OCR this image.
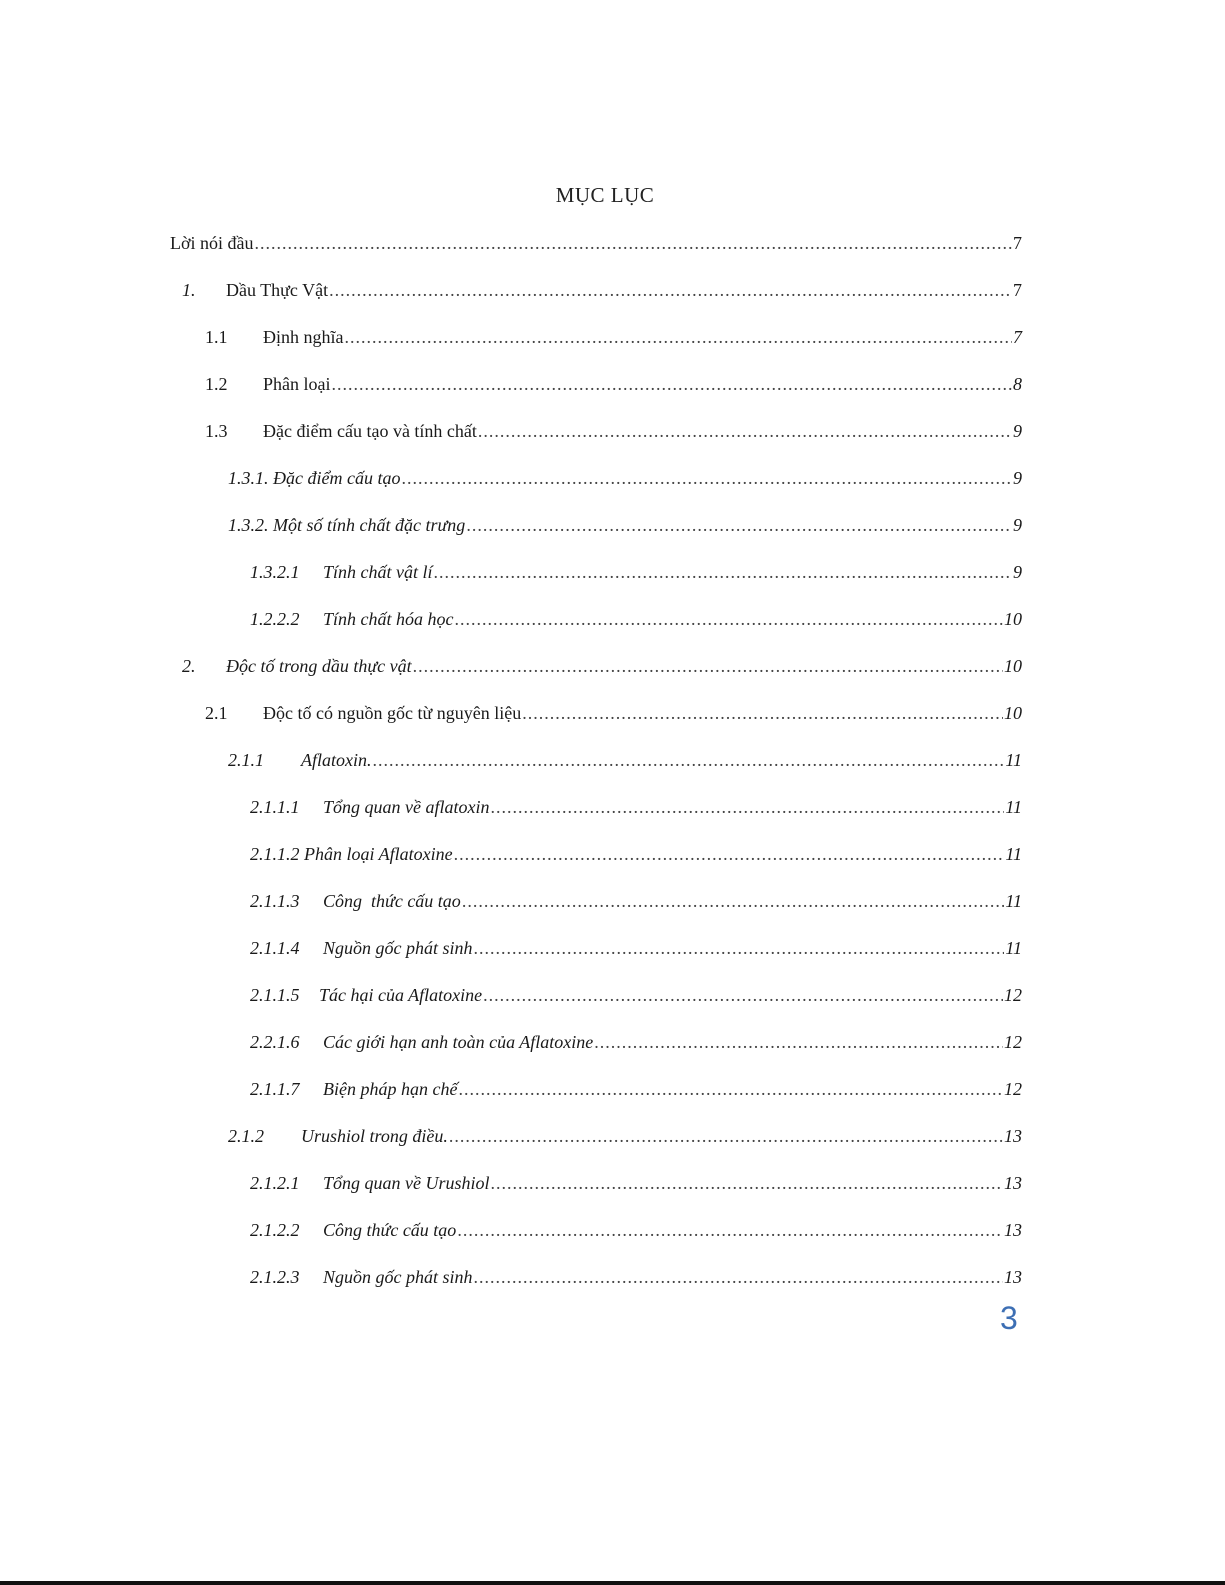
MỤC LỤC
Lời nói đầu .....	7
1.	Dầu Thực Vật .....	7
1.1	Định nghĩa .....	7
1.2	Phân loại .....	8
1.3	Đặc điểm cấu tạo và tính chất .....	9
1.3.1. Đặc điểm cấu tạo .....	9
1.3.2. Một số tính chất đặc trưng .....	9
1.3.2.1	Tính chất vật lí .....	9
1.2.2.2	Tính chất hóa học .....	10
2.	Độc tố trong dầu thực vật .....	10
2.1	Độc tố có nguồn gốc từ nguyên liệu .....	10
2.1.1	Aflatoxin. .....	11
2.1.1.1	Tổng quan về aflatoxin .....	11
2.1.1.2 Phân loại Aflatoxine .....	11
2.1.1.3	Công  thức cấu tạo .....	11
2.1.1.4	Nguồn gốc phát sinh .....	11
2.1.1.5	Tác hại của Aflatoxine .....	12
2.2.1.6	Các giới hạn anh toàn của Aflatoxine .....	12
2.1.1.7	Biện pháp hạn chế .....	12
2.1.2	Urushiol trong điều. .....	13
2.1.2.1	Tổng quan về Urushiol .....	13
2.1.2.2	Công thức cấu tạo .....	13
2.1.2.3	Nguồn gốc phát sinh .....	13
3
